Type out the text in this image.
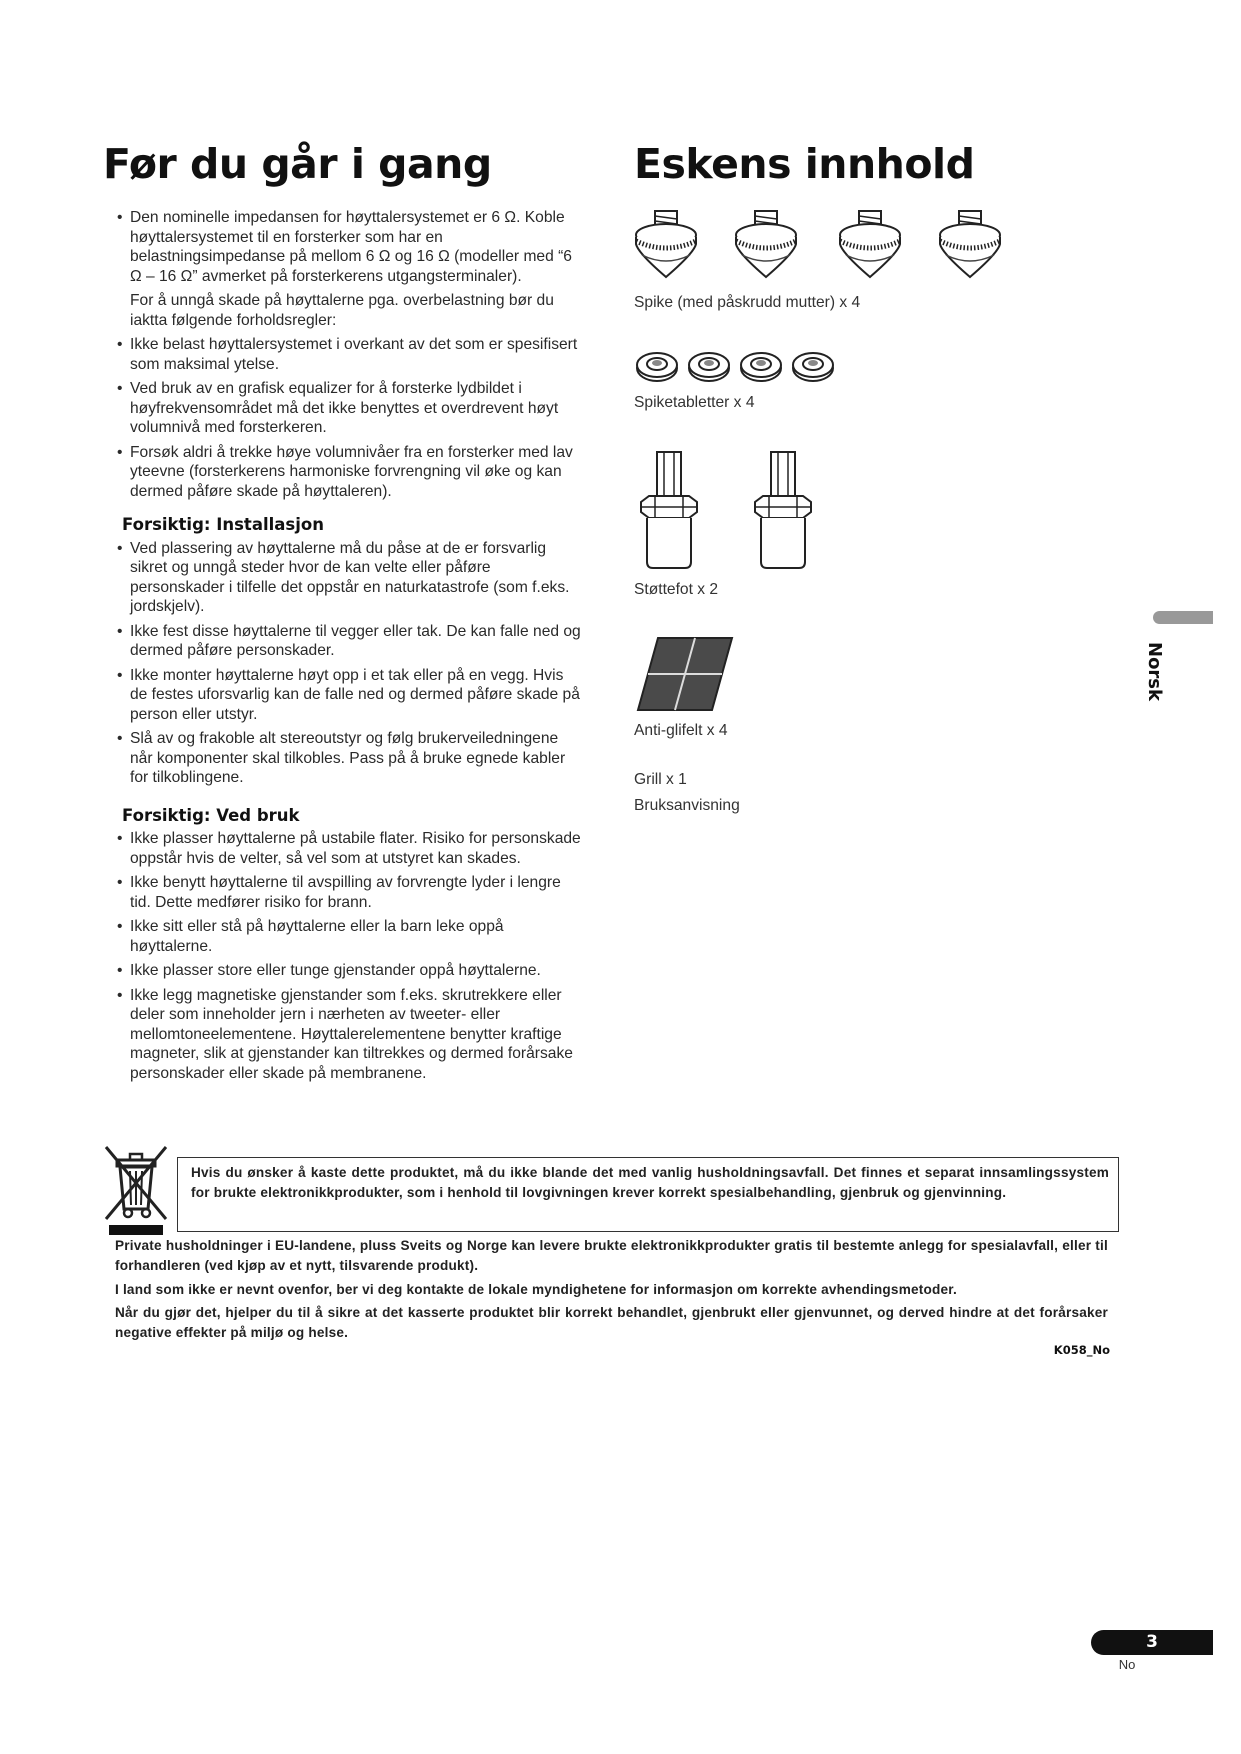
Før du går i gang	Eskens innhold
• Den nominelle impedansen for høyttalersystemet er 6 Ω. Koble høyttalersystemet til en forsterker som har en belastningsimpedanse på mellom 6 Ω og 16 Ω (modeller med “6 Ω – 16 Ω” avmerket på forsterkerens utgangsterminaler).
For å unngå skade på høyttalerne pga. overbelastning bør du iaktta følgende forholdsregler:
• Ikke belast høyttalersystemet i overkant av det som er spesifisert som maksimal ytelse.
• Ved bruk av en grafisk equalizer for å forsterke lydbildet i høyfrekvensområdet må det ikke benyttes et overdrevent høyt volumnivå med forsterkeren.
• Forsøk aldri å trekke høye volumnivåer fra en forsterker med lav yteevne (forsterkerens harmoniske forvrengning vil øke og kan dermed påføre skade på høyttaleren).
Forsiktig: Installasjon
• Ved plassering av høyttalerne må du påse at de er forsvarlig sikret og unngå steder hvor de kan velte eller påføre personskader i tilfelle det oppstår en naturkatastrofe (som f.eks. jordskjelv).
• Ikke fest disse høyttalerne til vegger eller tak. De kan falle ned og dermed påføre personskader.
• Ikke monter høyttalerne høyt opp i et tak eller på en vegg. Hvis de festes uforsvarlig kan de falle ned og dermed påføre skade på person eller utstyr.
• Slå av og frakoble alt stereoutstyr og følg brukerveiledningene når komponenter skal tilkobles. Pass på å bruke egnede kabler for tilkoblingene.
Forsiktig: Ved bruk
• Ikke plasser høyttalerne på ustabile flater. Risiko for personskade oppstår hvis de velter, så vel som at utstyret kan skades.
• Ikke benytt høyttalerne til avspilling av forvrengte lyder i lengre tid. Dette medfører risiko for brann.
• Ikke sitt eller stå på høyttalerne eller la barn leke oppå høyttalerne.
• Ikke plasser store eller tunge gjenstander oppå høyttalerne.
• Ikke legg magnetiske gjenstander som f.eks. skrutrekkere eller deler som inneholder jern i nærheten av tweeter- eller mellomtoneelementene. Høyttalerelementene benytter kraftige magneter, slik at gjenstander kan tiltrekkes og dermed forårsake personskader eller skade på membranene.
Spike (med påskrudd mutter) x 4
Spiketabletter x 4
Støttefot x 2
Anti-glifelt x 4
Grill x 1
Bruksanvisning
Norsk
Hvis du ønsker å kaste dette produktet, må du ikke blande det med vanlig husholdningsavfall. Det finnes et separat innsamlingssystem for brukte elektronikkprodukter, som i henhold til lovgivningen krever korrekt spesialbehandling, gjenbruk og gjenvinning.
Private husholdninger i EU-landene, pluss Sveits og Norge kan levere brukte elektronikkprodukter gratis til bestemte anlegg for spesialavfall, eller til forhandleren (ved kjøp av et nytt, tilsvarende produkt).
I land som ikke er nevnt ovenfor, ber vi deg kontakte de lokale myndighetene for informasjon om korrekte avhendingsmetoder.
Når du gjør det, hjelper du til å sikre at det kasserte produktet blir korrekt behandlet, gjenbrukt eller gjenvunnet, og derved hindre at det forårsaker negative effekter på miljø og helse.
K058_No
3
No
